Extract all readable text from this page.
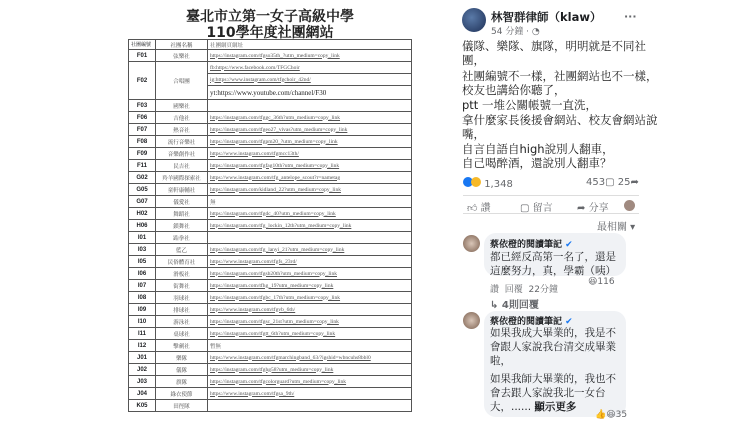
臺北市立第一女子高級中學
110學年度社團網站
社團編號	社團名稱	社團網頁網址
F01	弦樂社	https://instagram.com/tfgso35th_?utm_medium=copy_link
F02	合唱團	fb:https://www.facebook.com/TFGChoir
		ig:https://www.instagram.com/tfgchoir_42nd/
		yt:https://www.youtube.com/channel/F30
F03	國樂社	
F06	吉他社	https://instagram.com/tfggc_36th?utm_medium=copy_link
F07	熱音社	https://instagram.com/tfgeo27_vivas?utm_medium=copy_link
F08	流行音樂社	https://instagram.com/tfgpm20_?utm_medium=copy_link
F09	音樂創作社	https://www.instagram.com/tfgmcc13th/
F11	民吉社	https://instagram.com/tfgfag10th?utm_medium=copy_link
G02	羚羊國際探索社	https://www.instagram.com/tfg_antelope_scout?r=nametag
G05	童軒康輔社	https://instagram.com/kidland_22?utm_medium=copy_link
G07	儀愛社	無
H02	舞蹈社	https://instagram.com/tfgdc_40?utm_medium=copy_link
H06	鎖舞社	https://instagram.com/tfg_lockin_12th?utm_medium=copy_link
I01	跆拳社	
I03	藍乙	https://instagram.com/tfg_lanyi_21?utm_medium=copy_link
I05	民俗體育社	https://www.instagram.com/tfgfs_23rd/
I06	滑板社	https://instagram.com/tfgsb20th?utm_medium=copy_link
I07	街舞社	https://instagram.com/tfhg_19?utm_medium=copy_link
I08	羽球社	https://instagram.com/tfgbc_17th?utm_medium=copy_link
I09	排球社	https://www.instagram.com/tfgvb_6th/
I10	游泳社	https://instagram.com/tfgsc_21st?utm_medium=copy_link
I11	桌球社	https://instagram.com/tfgtt_6th?utm_medium=copy_link
I12	擊劍社	暫無
J01	樂隊	https://www.instagram.com/tfgmarchingband_63/?igshid=wbncuhs8bbl0
J02	儀隊	https://instagram.com/tfghg58?utm_medium=copy_link
J03	旗隊	https://instagram.com/tfgcolorguard?utm_medium=copy_link
J04	綠衣使節	https://www.instagram.com/tfgsa_9th/
K05	田徑隊	
林智群律師（klaw） ···
54 分鐘 · ◔
儀隊、樂隊、旗隊，明明就是不同社
團，
社團編號不一樣，社團網站也不一樣，
校友也講給你聽了，
ptt 一堆公關帳號一直洗，
拿什麼家長後援會網站、校友會網站說
嘴，
自言自語自high說別人翻車，
自己喝醉酒，還說別人翻車？
1,348	453▢ 25➦
👍︎ 讚	▢ 留言 ➦ 分享
最相關 ▾
蔡依橙的閱讀筆記 ✔
都已經反高第一名了，還是
這麼努力，真，學霸（咦）
😆116
讚 回覆 22分鐘
↳ 4則回覆
蔡依橙的閱讀筆記 ✔
如果我成大畢業的，我是不
會跟人家說我台清交成畢業
啦，
如果我師大畢業的，我也不
會去跟人家說我北一女台
大，...... 顯示更多
👍😆35
